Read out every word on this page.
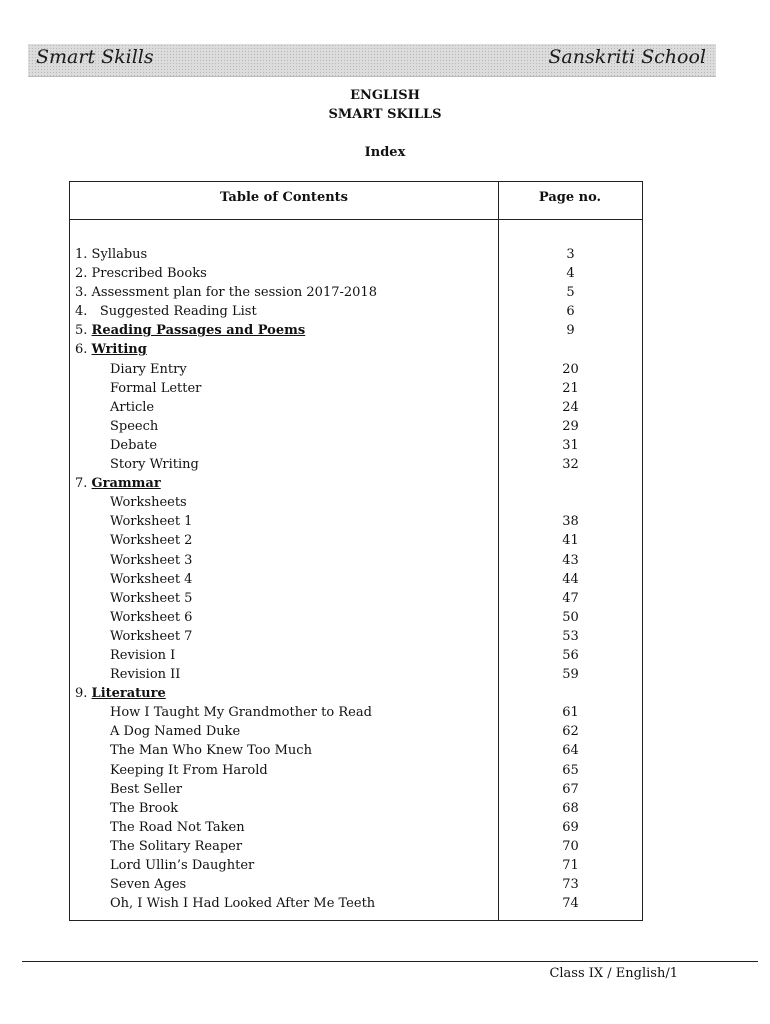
Smart Skills	Sanskriti School
ENGLISH
SMART SKILLS
Index
Table of Contents	Page no.
1. Syllabus	3
2. Prescribed Books	4
3. Assessment plan for the session 2017-2018	5
4.   Suggested Reading List	6
5. Reading Passages and Poems	9
6. Writing
Diary Entry	20
Formal Letter	21
Article	24
Speech	29
Debate	31
Story Writing	32
7. Grammar
Worksheets
Worksheet 1	38
Worksheet 2	41
Worksheet 3	43
Worksheet 4	44
Worksheet 5	47
Worksheet 6	50
Worksheet 7	53
Revision I	56
Revision II	59
9. Literature
How I Taught My Grandmother to Read	61
A Dog Named Duke	62
The Man Who Knew Too Much	64
Keeping It From Harold	65
Best Seller	67
The Brook	68
The Road Not Taken	69
The Solitary Reaper	70
Lord Ullin’s Daughter	71
Seven Ages	73
Oh, I Wish I Had Looked After Me Teeth	74
Class IX / English/1
